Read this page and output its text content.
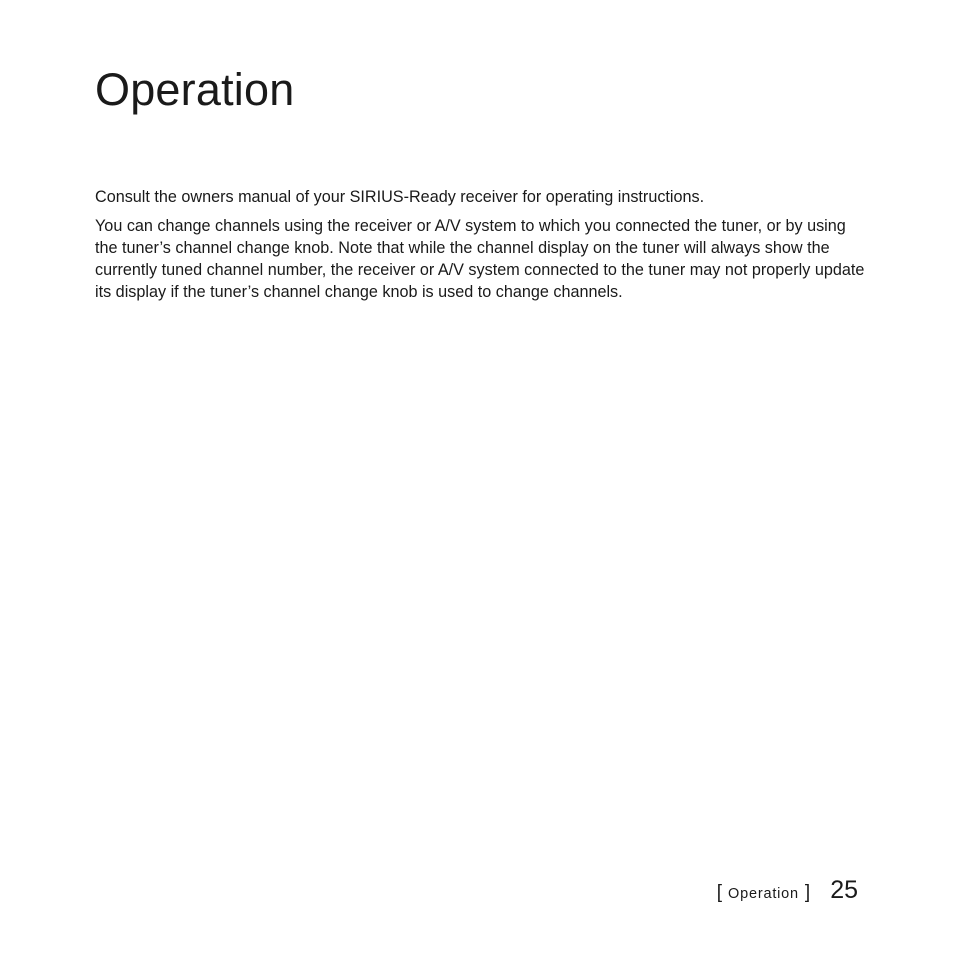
Operation

Consult the owners manual of your SIRIUS-Ready receiver for operating instructions.

You can change channels using the receiver or A/V system to which you connected the tuner, or by using the tuner’s channel change knob. Note that while the channel display on the tuner will always show the currently tuned channel number, the receiver or A/V system connected to the tuner may not properly update its display if the tuner’s channel change knob is used to change channels.

[ Operation ] 25
